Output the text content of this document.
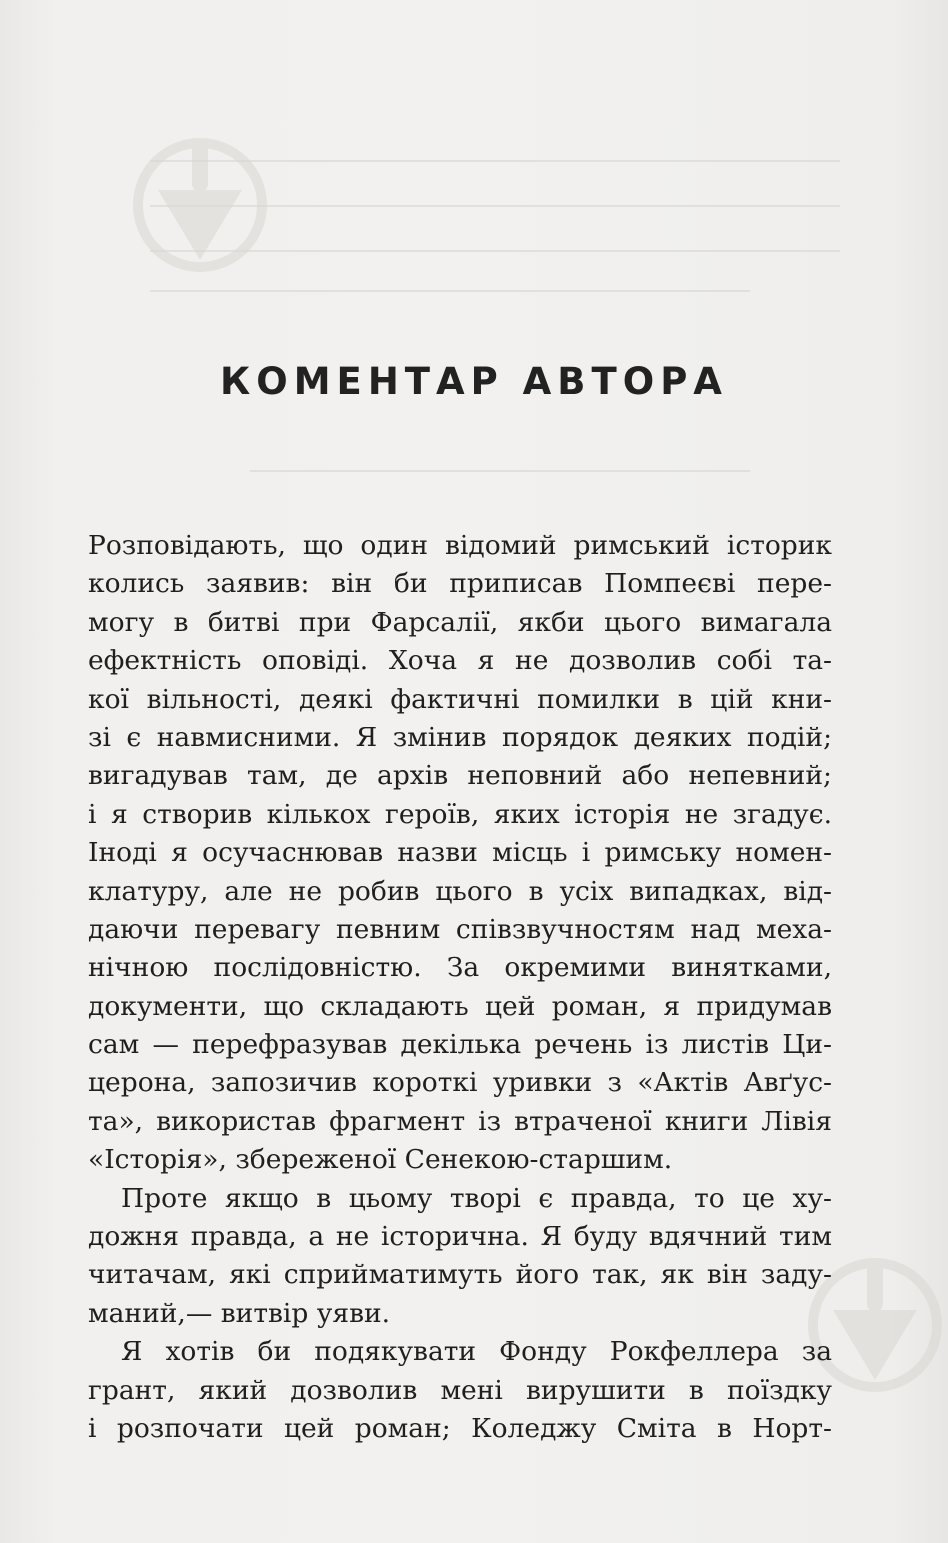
КОМЕНТАР АВТОРА
Розповідають, що один відомий римський історик
колись заявив: він би приписав Помпеєві пере-
могу в битві при Фарсалії, якби цього вимагала
ефектність оповіді. Хоча я не дозволив собі та-
кої вільності, деякі фактичні помилки в цій кни-
зі є навмисними. Я змінив порядок деяких подій;
вигадував там, де архів неповний або непевний;
і я створив кількох героїв, яких історія не згадує.
Іноді я осучаснював назви місць і римську номен-
клатуру, але не робив цього в усіх випадках, від-
даючи перевагу певним співзвучностям над меха-
нічною послідовністю. За окремими винятками,
документи, що складають цей роман, я придумав
сам — перефразував декілька речень із листів Ци-
церона, запозичив короткі уривки з «Актів Авґус-
та», використав фрагмент із втраченої книги Лівія
«Історія», збереженої Сенекою-старшим.
Проте якщо в цьому творі є правда, то це ху-
дожня правда, а не історична. Я буду вдячний тим
читачам, які сприйматимуть його так, як він заду-
маний,— витвір уяви.
Я хотів би подякувати Фонду Рокфеллера за
грант, який дозволив мені вирушити в поїздку
і розпочати цей роман; Коледжу Сміта в Норт-
